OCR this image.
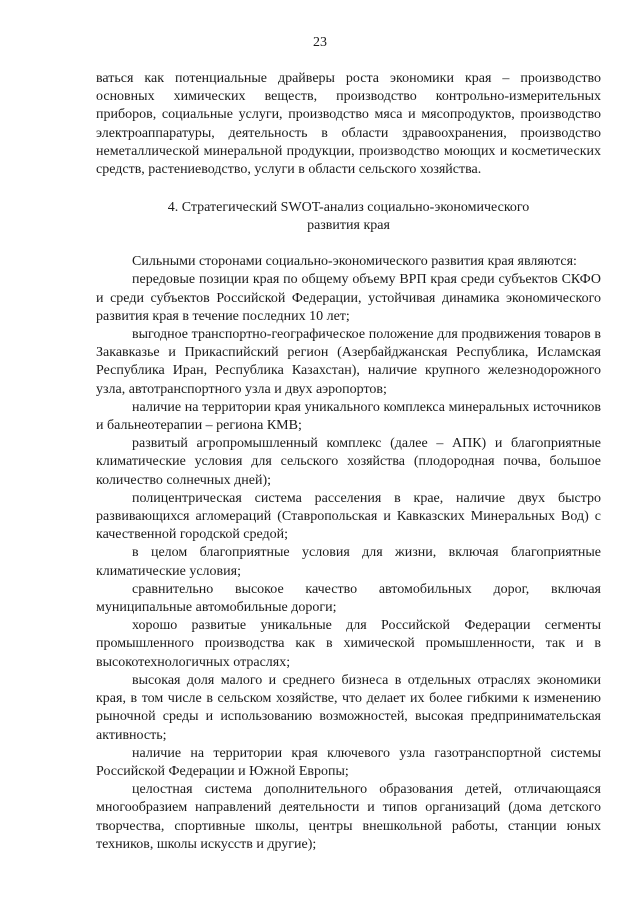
23

ваться как потенциальные драйверы роста экономики края – производство основных химических веществ, производство контрольно-измерительных приборов, социальные услуги, производство мяса и мясопродуктов, производство электроаппаратуры, деятельность в области здравоохранения, производство неметаллической минеральной продукции, производство моющих и косметических средств, растениеводство, услуги в области сельского хозяйства.

4. Стратегический SWOT-анализ социально-экономического
развития края

Сильными сторонами социально-экономического развития края являются:

передовые позиции края по общему объему ВРП края среди субъектов СКФО и среди субъектов Российской Федерации, устойчивая динамика экономического развития края в течение последних 10 лет;

выгодное транспортно-географическое положение для продвижения товаров в Закавказье и Прикаспийский регион (Азербайджанская Республика, Исламская Республика Иран, Республика Казахстан), наличие крупного железнодорожного узла, автотранспортного узла и двух аэропортов;

наличие на территории края уникального комплекса минеральных источников и бальнеотерапии – региона КМВ;

развитый агропромышленный комплекс (далее – АПК) и благоприятные климатические условия для сельского хозяйства (плодородная почва, большое количество солнечных дней);

полицентрическая система расселения в крае, наличие двух быстро развивающихся агломераций (Ставропольская и Кавказских Минеральных Вод) с качественной городской средой;

в целом благоприятные условия для жизни, включая благоприятные климатические условия;

сравнительно высокое качество автомобильных дорог, включая муниципальные автомобильные дороги;

хорошо развитые уникальные для Российской Федерации сегменты промышленного производства как в химической промышленности, так и в высокотехнологичных отраслях;

высокая доля малого и среднего бизнеса в отдельных отраслях экономики края, в том числе в сельском хозяйстве, что делает их более гибкими к изменению рыночной среды и использованию возможностей, высокая предпринимательская активность;

наличие на территории края ключевого узла газотранспортной системы Российской Федерации и Южной Европы;

целостная система дополнительного образования детей, отличающаяся многообразием направлений деятельности и типов организаций (дома детского творчества, спортивные школы, центры внешкольной работы, станции юных техников, школы искусств и другие);
